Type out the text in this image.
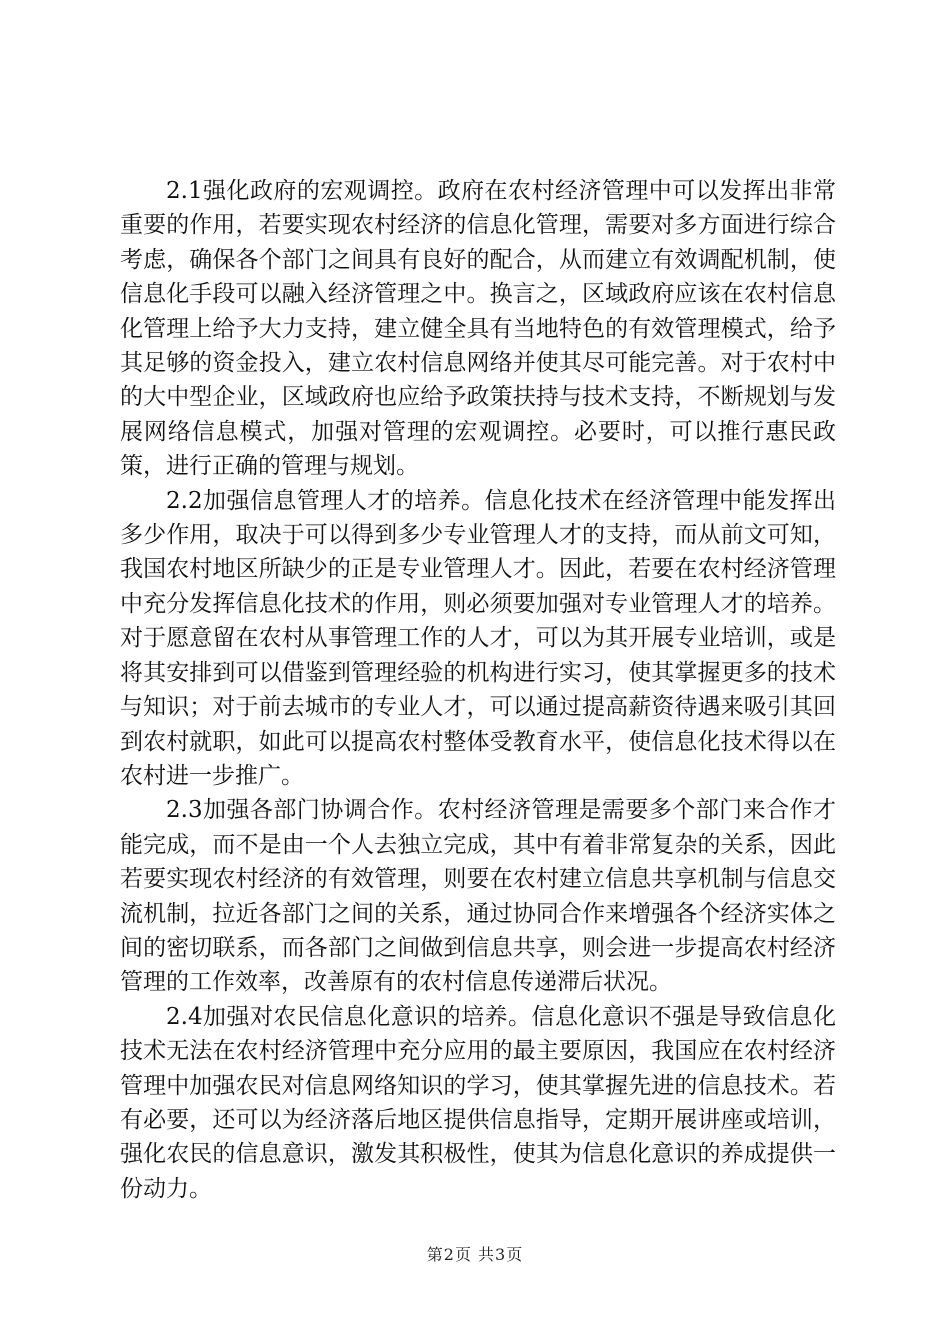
2.1强化政府的宏观调控。政府在农村经济管理中可以发挥出非常重要的作用，若要实现农村经济的信息化管理，需要对多方面进行综合考虑，确保各个部门之间具有良好的配合，从而建立有效调配机制，使信息化手段可以融入经济管理之中。换言之，区域政府应该在农村信息化管理上给予大力支持，建立健全具有当地特色的有效管理模式，给予其足够的资金投入，建立农村信息网络并使其尽可能完善。对于农村中的大中型企业，区域政府也应给予政策扶持与技术支持，不断规划与发展网络信息模式，加强对管理的宏观调控。必要时，可以推行惠民政策，进行正确的管理与规划。

2.2加强信息管理人才的培养。信息化技术在经济管理中能发挥出多少作用，取决于可以得到多少专业管理人才的支持，而从前文可知，我国农村地区所缺少的正是专业管理人才。因此，若要在农村经济管理中充分发挥信息化技术的作用，则必须要加强对专业管理人才的培养。对于愿意留在农村从事管理工作的人才，可以为其开展专业培训，或是将其安排到可以借鉴到管理经验的机构进行实习，使其掌握更多的技术与知识；对于前去城市的专业人才，可以通过提高薪资待遇来吸引其回到农村就职，如此可以提高农村整体受教育水平，使信息化技术得以在农村进一步推广。

2.3加强各部门协调合作。农村经济管理是需要多个部门来合作才能完成，而不是由一个人去独立完成，其中有着非常复杂的关系，因此若要实现农村经济的有效管理，则要在农村建立信息共享机制与信息交流机制，拉近各部门之间的关系，通过协同合作来增强各个经济实体之间的密切联系，而各部门之间做到信息共享，则会进一步提高农村经济管理的工作效率，改善原有的农村信息传递滞后状况。

2.4加强对农民信息化意识的培养。信息化意识不强是导致信息化技术无法在农村经济管理中充分应用的最主要原因，我国应在农村经济管理中加强农民对信息网络知识的学习，使其掌握先进的信息技术。若有必要，还可以为经济落后地区提供信息指导，定期开展讲座或培训，强化农民的信息意识，激发其积极性，使其为信息化意识的养成提供一份动力。

第2页 共3页
